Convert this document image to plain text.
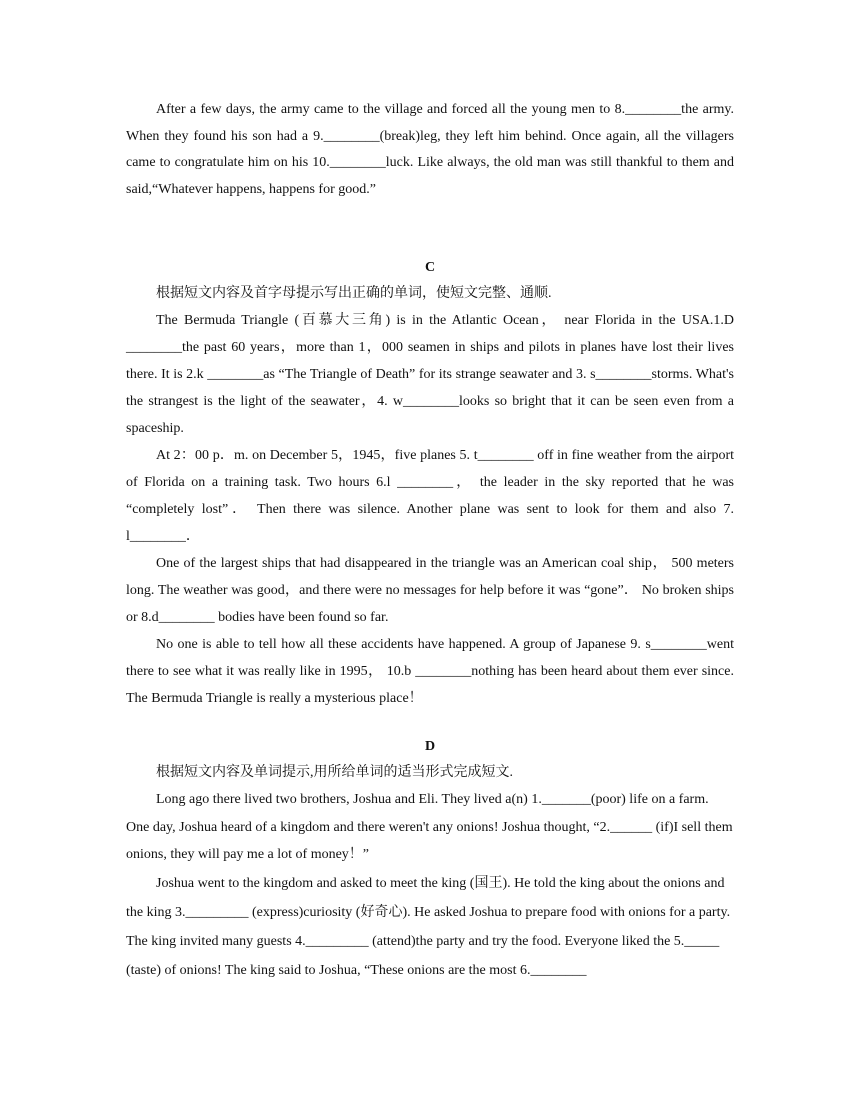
After a few days, the army came to the village and forced all the young men to 8.________the army. When they found his son had a 9.________(break)leg, they left him behind. Once again, all the villagers came to congratulate him on his 10.________luck. Like always, the old man was still thankful to them and said,“Whatever happens, happens for good.”

C

根据短文内容及首字母提示写出正确的单词，使短文完整、通顺.

The Bermuda Triangle (百慕大三角) is in the Atlantic Ocean， near Florida in the USA.1.D ________the past 60 years，more than 1，000 seamen in ships and pilots in planes have lost their lives there. It is 2.k ________as “The Triangle of Death” for its strange seawater and 3. s________storms. What's the strangest is the light of the seawater，4. w________looks so bright that it can be seen even from a spaceship.

At 2：00 p．m. on December 5，1945，five planes 5. t________ off in fine weather from the airport of Florida on a training task. Two hours 6.l ________， the leader in the sky reported that he was “completely lost”． Then there was silence. Another plane was sent to look for them and also 7. l________．

One of the largest ships that had disappeared in the triangle was an American coal ship， 500 meters long. The weather was good，and there were no messages for help before it was “gone”． No broken ships or 8.d________ bodies have been found so far.

No one is able to tell how all these accidents have happened. A group of Japanese 9. s________went there to see what it was really like in 1995， 10.b ________nothing has been heard about them ever since. The Bermuda Triangle is really a mysterious place！

D

根据短文内容及单词提示,用所给单词的适当形式完成短文.

Long ago there lived two brothers, Joshua and Eli. They lived a(n) 1._______(poor) life on a farm. One day, Joshua heard of a kingdom and there weren't any onions! Joshua thought, “2.______ (if)I sell them onions, they will pay me a lot of money！”

Joshua went to the kingdom and asked to meet the king (国王). He told the king about the onions and the king 3._________ (express)curiosity (好奇心). He asked Joshua to prepare food with onions for a party. The king invited many guests 4._________ (attend)the party and try the food. Everyone liked the 5._____ (taste) of onions! The king said to Joshua, “These onions are the most 6.________
